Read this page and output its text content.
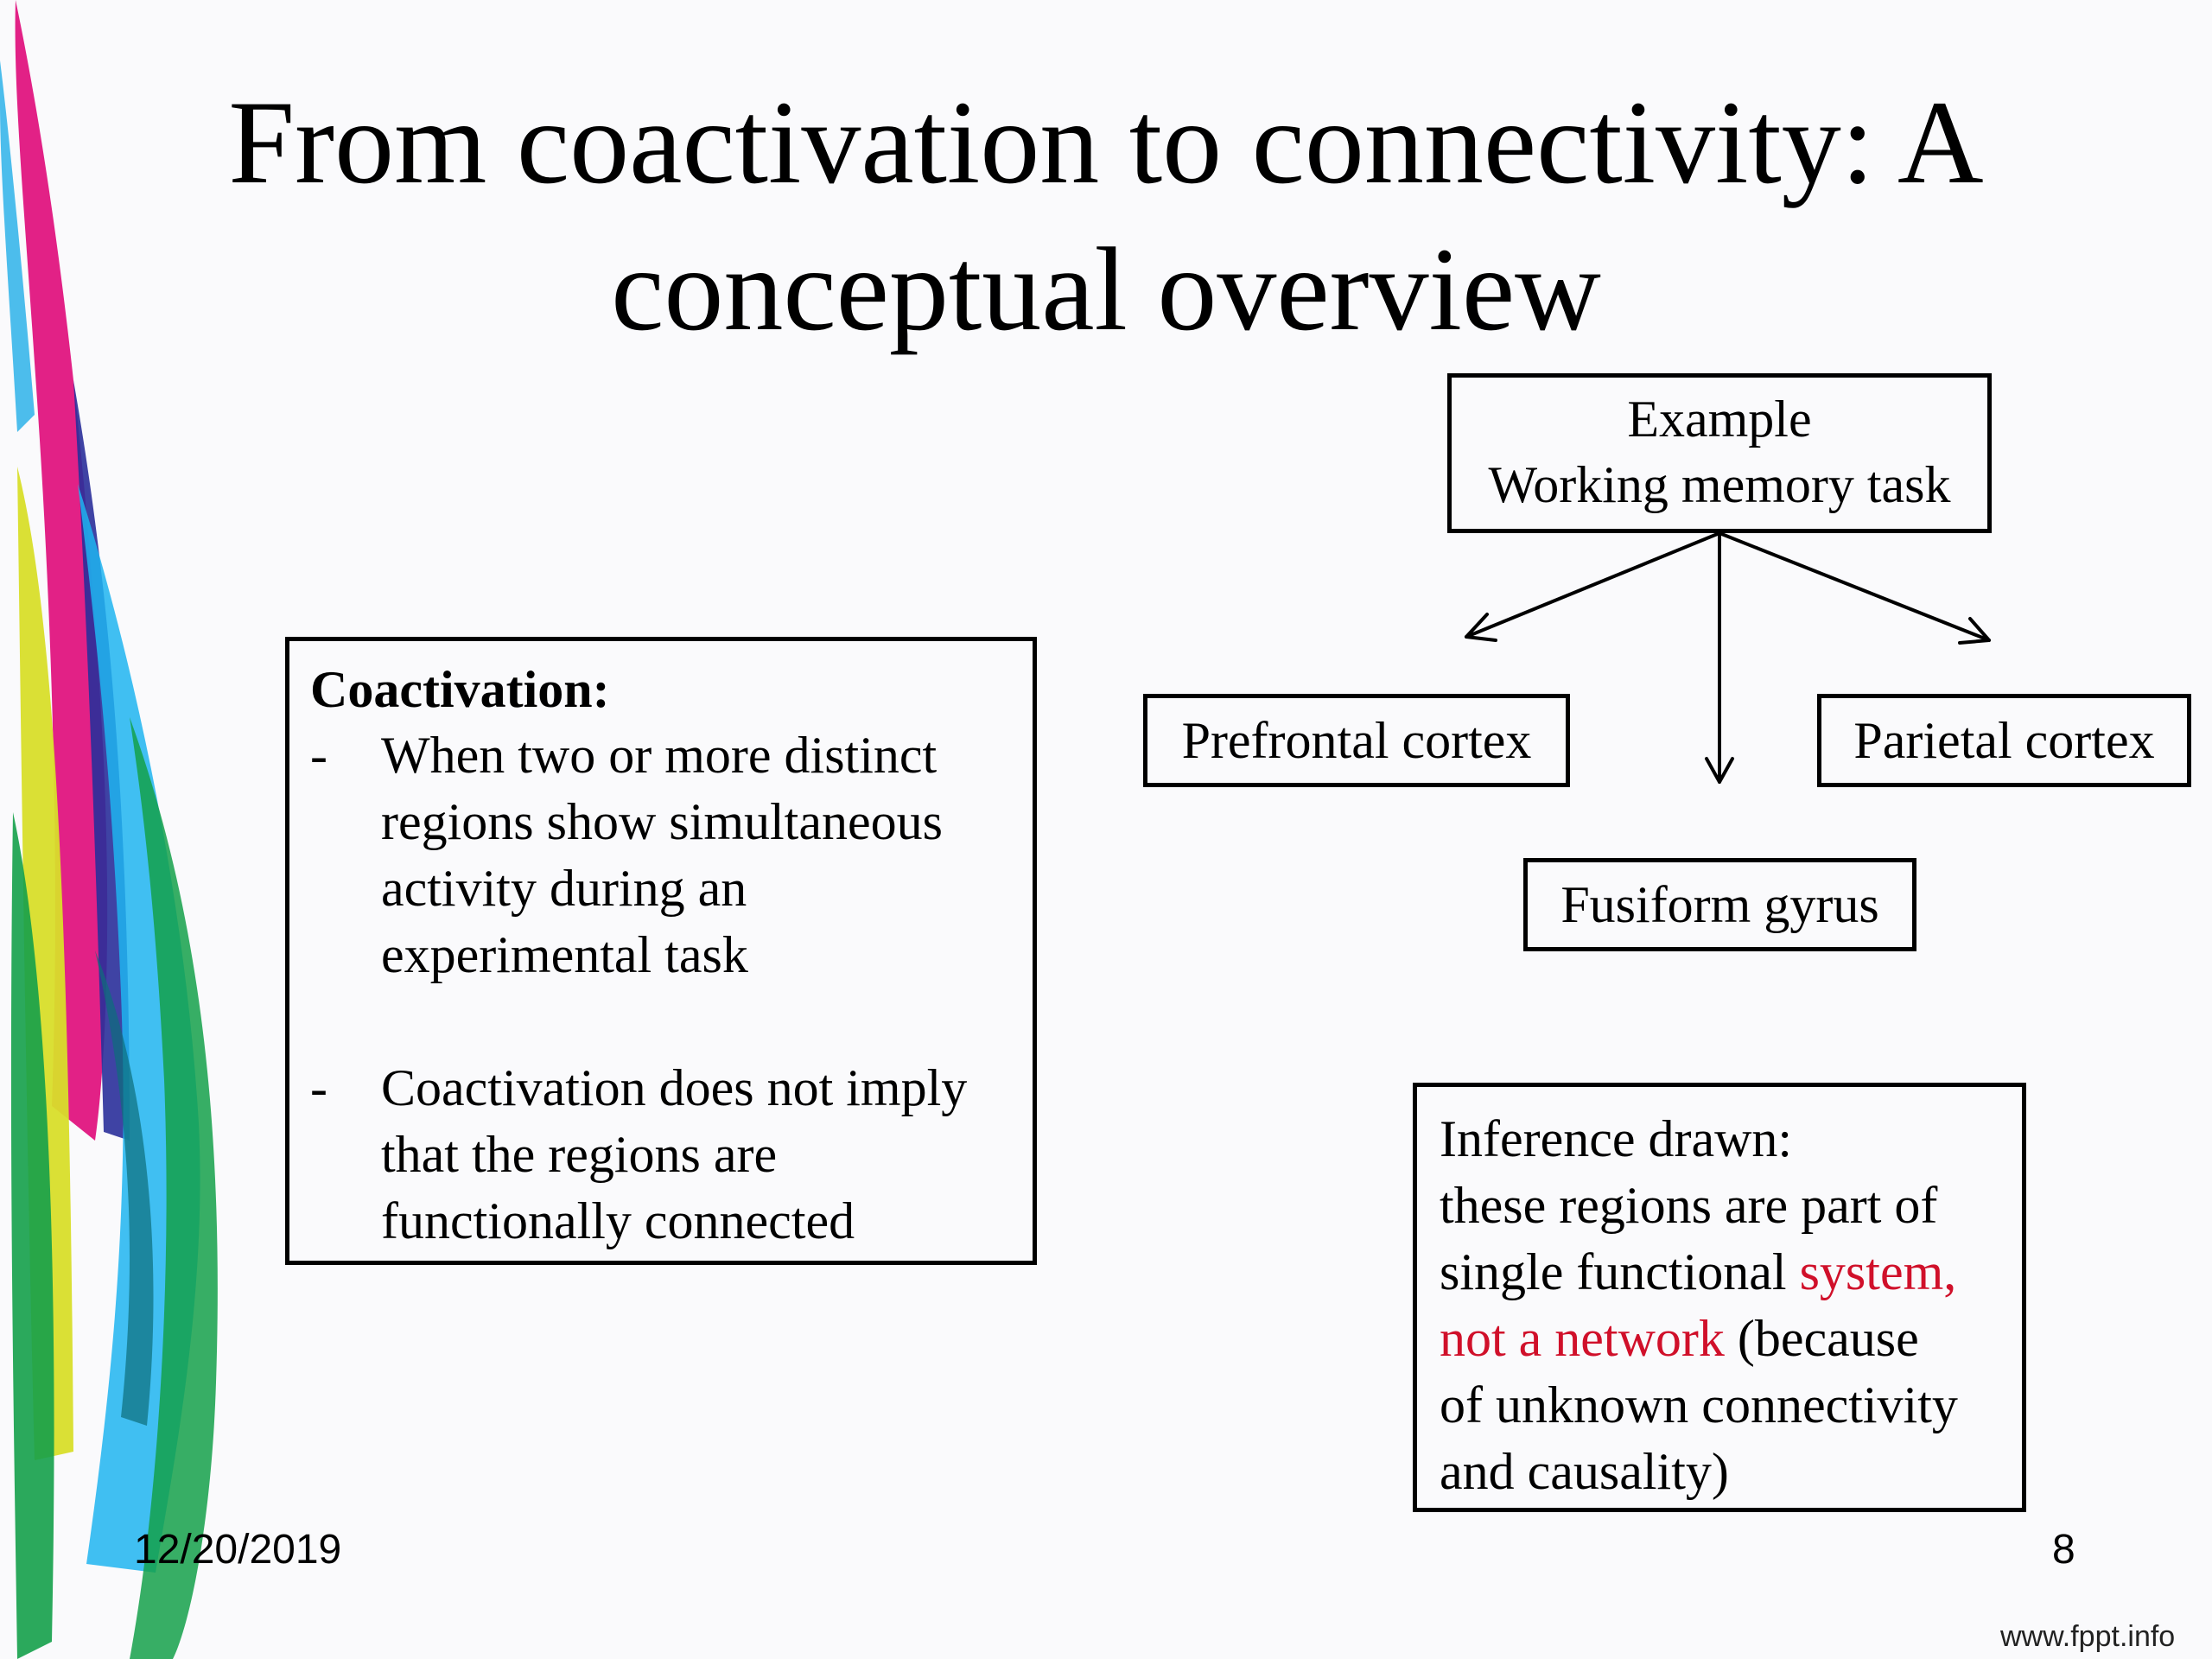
From coactivation to connectivity: A
conceptual overview
Coactivation:
- When two or more distinct
regions show simultaneous
activity during an
experimental task
- Coactivation does not imply
that the regions are
functionally connected
Example
Working memory task
Prefrontal cortex	Parietal cortex
Fusiform gyrus
Inference drawn:
these regions are part of
single functional system,
not a network (because
of unknown connectivity
and causality)
12/20/2019	8
www.fppt.info
